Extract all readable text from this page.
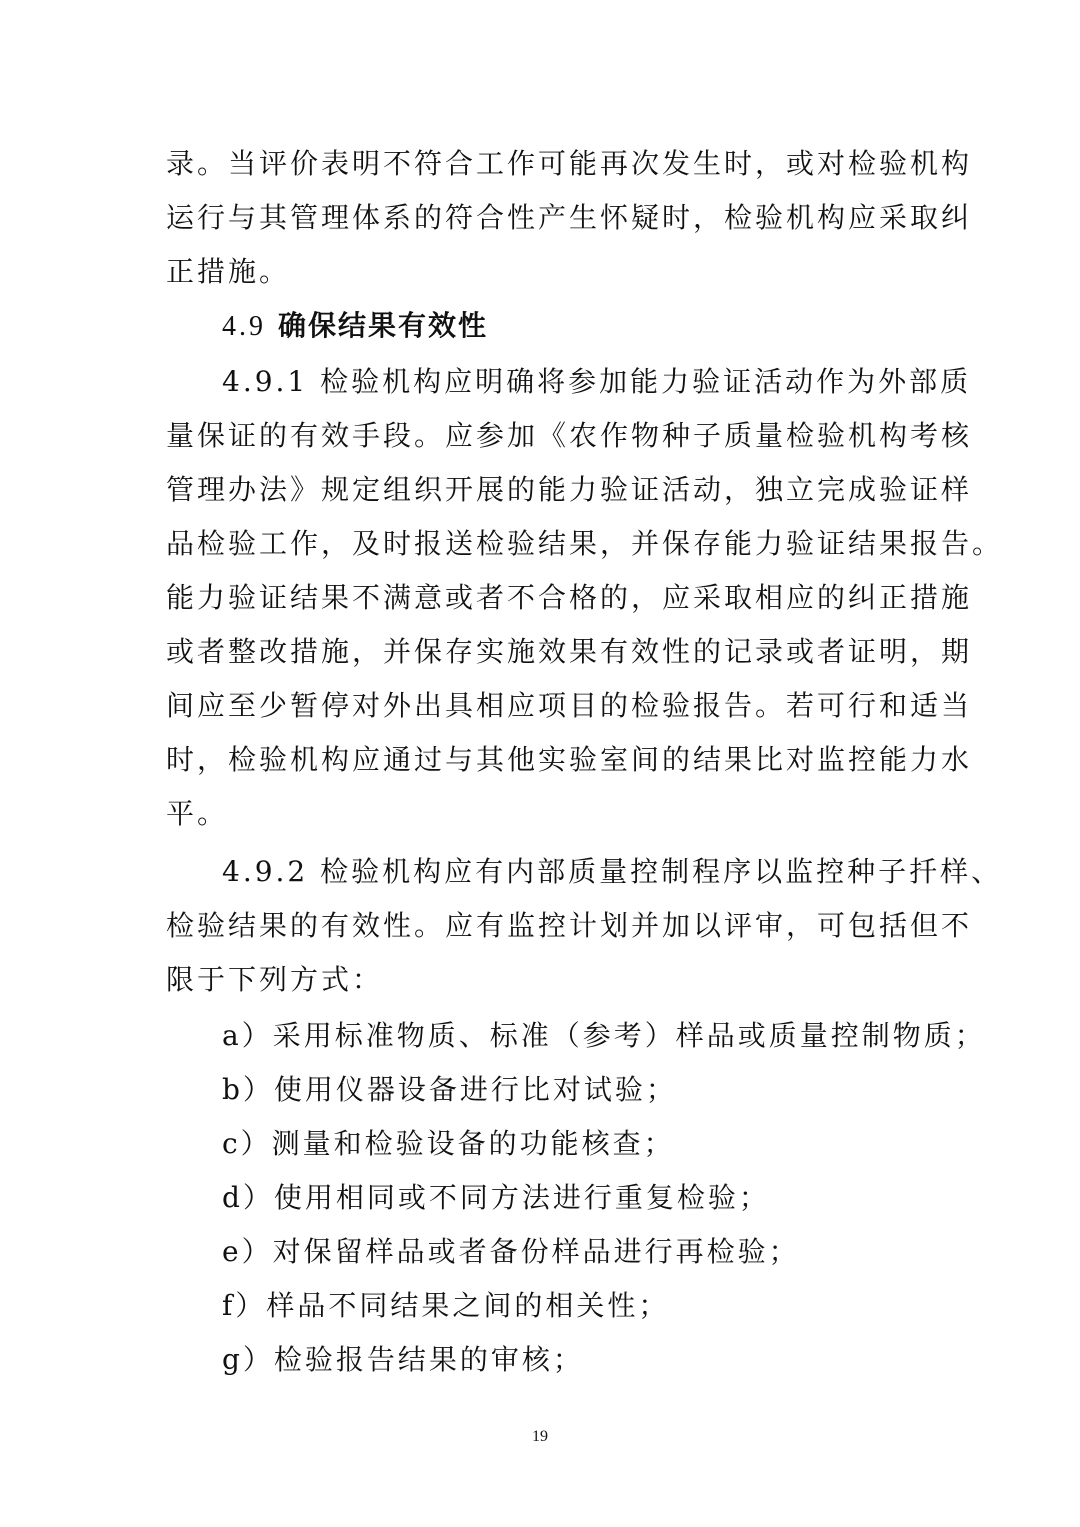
录。当评价表明不符合工作可能再次发生时，或对检验机构
运行与其管理体系的符合性产生怀疑时，检验机构应采取纠
正措施。
4.9 确保结果有效性
4.9.1 检验机构应明确将参加能力验证活动作为外部质
量保证的有效手段。应参加《农作物种子质量检验机构考核
管理办法》规定组织开展的能力验证活动，独立完成验证样
品检验工作，及时报送检验结果，并保存能力验证结果报告。
能力验证结果不满意或者不合格的，应采取相应的纠正措施
或者整改措施，并保存实施效果有效性的记录或者证明，期
间应至少暂停对外出具相应项目的检验报告。若可行和适当
时，检验机构应通过与其他实验室间的结果比对监控能力水
平。
4.9.2 检验机构应有内部质量控制程序以监控种子扦样、
检验结果的有效性。应有监控计划并加以评审，可包括但不
限于下列方式：
a）采用标准物质、标准（参考）样品或质量控制物质；
b）使用仪器设备进行比对试验；
c）测量和检验设备的功能核查；
d）使用相同或不同方法进行重复检验；
e）对保留样品或者备份样品进行再检验；
f）样品不同结果之间的相关性；
g）检验报告结果的审核；
19
